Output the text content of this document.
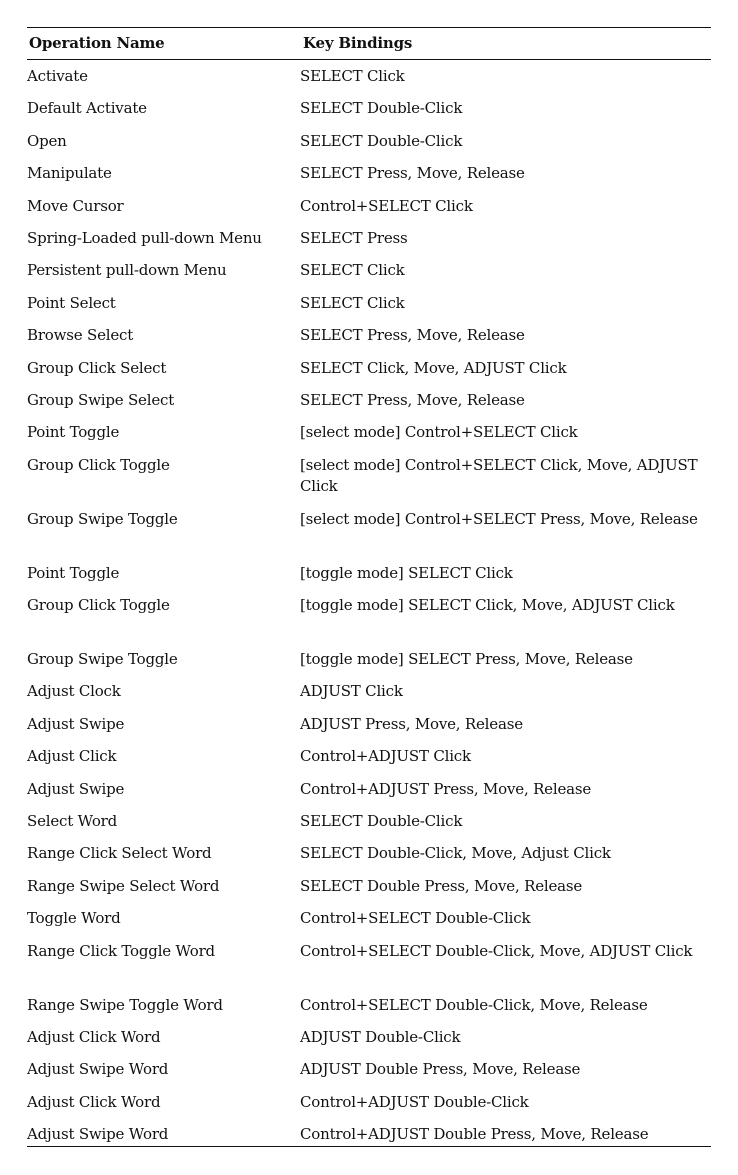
Operation Name	Key Bindings
Activate	SELECT Click
Default Activate	SELECT Double-Click
Open	SELECT Double-Click
Manipulate	SELECT Press, Move, Release
Move Cursor	Control+SELECT Click
Spring-Loaded pull-down Menu	SELECT Press
Persistent pull-down Menu	SELECT Click
Point Select	SELECT Click
Browse Select	SELECT Press, Move, Release
Group Click Select	SELECT Click, Move, ADJUST Click
Group Swipe Select	SELECT Press, Move, Release
Point Toggle	[select mode] Control+SELECT Click
Group Click Toggle	[select mode] Control+SELECT Click, Move, ADJUST Click
Group Swipe Toggle	[select mode] Control+SELECT Press, Move, Release
Point Toggle	[toggle mode] SELECT Click
Group Click Toggle	[toggle mode] SELECT Click, Move, ADJUST Click
Group Swipe Toggle	[toggle mode] SELECT Press, Move, Release
Adjust Clock	ADJUST Click
Adjust Swipe	ADJUST Press, Move, Release
Adjust Click	Control+ADJUST Click
Adjust Swipe	Control+ADJUST Press, Move, Release
Select Word	SELECT Double-Click
Range Click Select Word	SELECT Double-Click, Move, Adjust Click
Range Swipe Select Word	SELECT Double Press, Move, Release
Toggle Word	Control+SELECT Double-Click
Range Click Toggle Word	Control+SELECT Double-Click, Move, ADJUST Click
Range Swipe Toggle Word	Control+SELECT Double-Click, Move, Release
Adjust Click Word	ADJUST Double-Click
Adjust Swipe Word	ADJUST Double Press, Move, Release
Adjust Click Word	Control+ADJUST Double-Click
Adjust Swipe Word	Control+ADJUST Double Press, Move, Release
